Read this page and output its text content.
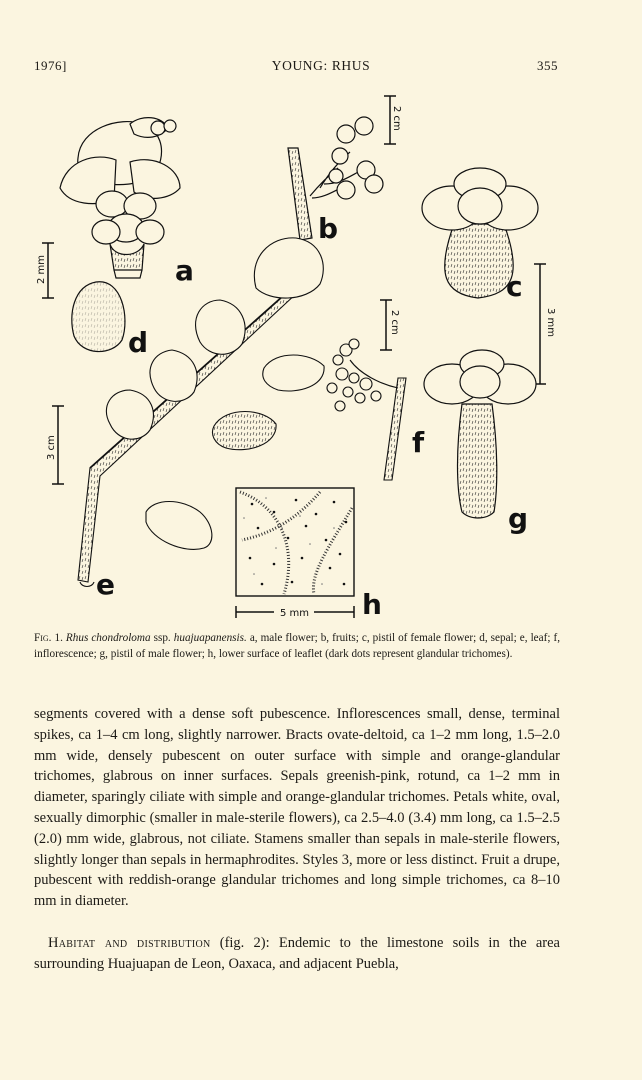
1976]	YOUNG: RHUS	355
a
2 mm
b
2 cm
c
3 mm
d
e
3 cm	f
2 cm
g
5 mm h
Fig. 1. Rhus chondroloma ssp. huajuapanensis. a, male flower; b, fruits; c, pistil of female flower; d, sepal; e, leaf; f, inflorescence; g, pistil of male flower; h, lower surface of leaflet (dark dots represent glandular trichomes).

segments covered with a dense soft pubescence. Inflorescences small, dense, terminal spikes, ca 1–4 cm long, slightly narrower. Bracts ovate-deltoid, ca 1–2 mm long, 1.5–2.0 mm wide, densely pubescent on outer surface with simple and orange-glandular trichomes, glabrous on inner surfaces. Sepals greenish-pink, rotund, ca 1–2 mm in diameter, sparingly ciliate with simple and orange-glandular trichomes. Petals white, oval, sexually dimorphic (smaller in male-sterile flowers), ca 2.5–4.0 (3.4) mm long, ca 1.5–2.5 (2.0) mm wide, glabrous, not ciliate. Stamens smaller than sepals in male-sterile flowers, slightly longer than sepals in hermaphrodites. Styles 3, more or less distinct. Fruit a drupe, pubescent with reddish-orange glandular trichomes and long simple trichomes, ca 8–10 mm in diameter.

Habitat and distribution (fig. 2): Endemic to the limestone soils in the area surrounding Huajuapan de Leon, Oaxaca, and adjacent Puebla,
